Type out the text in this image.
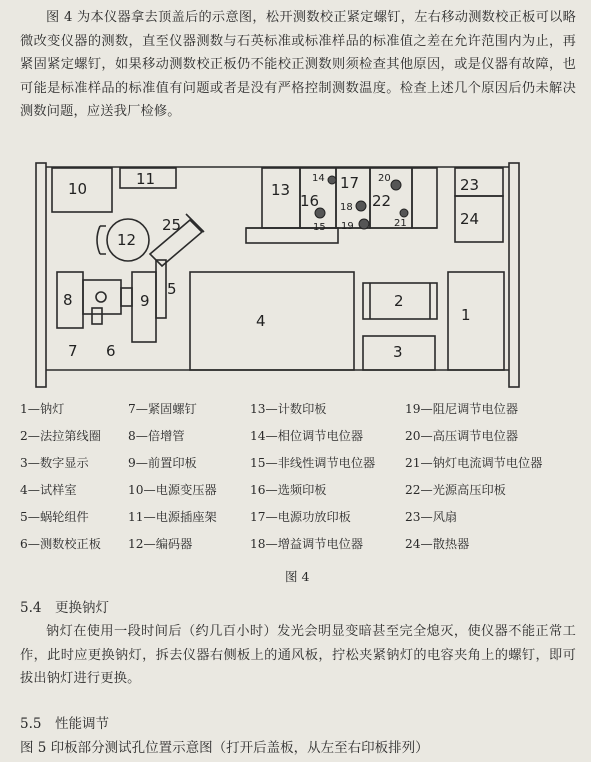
图 4 为本仪器拿去顶盖后的示意图，松开测数校正紧定螺钉，左右移动测数校正板可以略微改变仪器的测数，直至仪器测数与石英标准或标准样品的标准值之差在允许范围内为止，再紧固紧定螺钉，如果移动测数校正板仍不能校正测数则须检查其他原因，或是仪器有故障，也可能是标准样品的标准值有问题或者是没有严格控制测数温度。检查上述几个原因后仍未解决测数问题，应送我厂检修。
1
2
3
4
5
6
7
8	9
10
11
12
13
14
15
16
17
18
19
20
21
22
23
24
25
1—钠灯	7—紧固螺钉	13—计数印板	19—阻尼调节电位器
2—法拉第线圈 8—倍增管	14—相位调节电位器	20—高压调节电位器
3—数字显示	9—前置印板	15—非线性调节电位器 21—钠灯电流调节电位器
4—试样室	10—电源变压器	16—选频印板	22—光源高压印板
5—蜗轮组件	11—电源插座架	17—电源功放印板	23—风扇
6—测数校正板 12—编码器	18—增益调节电位器	24—散热器
图 4
5.4　更换钠灯
钠灯在使用一段时间后（约几百小时）发光会明显变暗甚至完全熄灭，使仪器不能正常工作，此时应更换钠灯，拆去仪器右侧板上的通风板，拧松夹紧钠灯的电容夹角上的螺钉，即可拔出钠灯进行更换。
5.5　性能调节
图 5 印板部分测试孔位置示意图（打开后盖板，从左至右印板排列）
